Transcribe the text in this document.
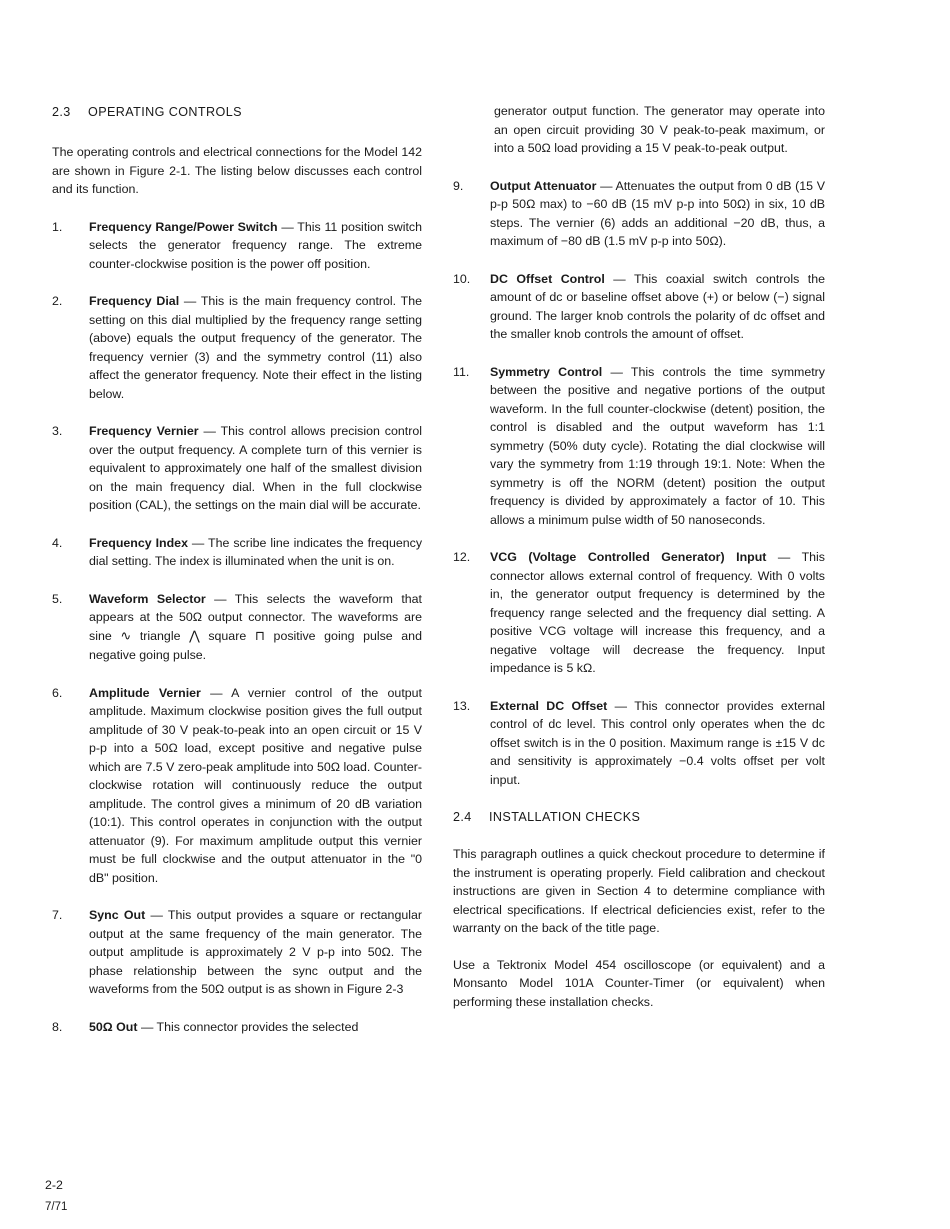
2.3 OPERATING CONTROLS

The operating controls and electrical connections for the Model 142 are shown in Figure 2-1. The listing below discusses each control and its function.

1. Frequency Range/Power Switch — This 11 position switch selects the generator frequency range. The extreme counter-clockwise position is the power off position.

2. Frequency Dial — This is the main frequency control. The setting on this dial multiplied by the frequency range setting (above) equals the output frequency of the generator. The frequency vernier (3) and the symmetry control (11) also affect the generator frequency. Note their effect in the listing below.

3. Frequency Vernier — This control allows precision control over the output frequency. A complete turn of this vernier is equivalent to approximately one half of the smallest division on the main frequency dial. When in the full clockwise position (CAL), the settings on the main dial will be accurate.

4. Frequency Index — The scribe line indicates the frequency dial setting. The index is illuminated when the unit is on.

5. Waveform Selector — This selects the waveform that appears at the 50Ω output connector. The waveforms are sine ∿ triangle ⋀ square ⊓ positive going pulse and negative going pulse.

6. Amplitude Vernier — A vernier control of the output amplitude. Maximum clockwise position gives the full output amplitude of 30 V peak-to-peak into an open circuit or 15 V p-p into a 50Ω load, except positive and negative pulse which are 7.5 V zero-peak amplitude into 50Ω load. Counter-clockwise rotation will continuously reduce the output amplitude. The control gives a minimum of 20 dB variation (10:1). This control operates in conjunction with the output attenuator (9). For maximum amplitude output this vernier must be full clockwise and the output attenuator in the "0 dB" position.

7. Sync Out — This output provides a square or rectangular output at the same frequency of the main generator. The output amplitude is approximately 2 V p-p into 50Ω. The phase relationship between the sync output and the waveforms from the 50Ω output is as shown in Figure 2-3

8. 50Ω Out — This connector provides the selected

generator output function. The generator may operate into an open circuit providing 30 V peak-to-peak maximum, or into a 50Ω load providing a 15 V peak-to-peak output.

9. Output Attenuator — Attenuates the output from 0 dB (15 V p-p 50Ω max) to −60 dB (15 mV p-p into 50Ω) in six, 10 dB steps. The vernier (6) adds an additional −20 dB, thus, a maximum of −80 dB (1.5 mV p-p into 50Ω).

10. DC Offset Control — This coaxial switch controls the amount of dc or baseline offset above (+) or below (−) signal ground. The larger knob controls the polarity of dc offset and the smaller knob controls the amount of offset.

11. Symmetry Control — This controls the time symmetry between the positive and negative portions of the output waveform. In the full counter-clockwise (detent) position, the control is disabled and the output waveform has 1:1 symmetry (50% duty cycle). Rotating the dial clockwise will vary the symmetry from 1:19 through 19:1. Note: When the symmetry is off the NORM (detent) position the output frequency is divided by approximately a factor of 10. This allows a minimum pulse width of 50 nanoseconds.

12. VCG (Voltage Controlled Generator) Input — This connector allows external control of frequency. With 0 volts in, the generator output frequency is determined by the frequency range selected and the frequency dial setting. A positive VCG voltage will increase this frequency, and a negative voltage will decrease the frequency. Input impedance is 5 kΩ.

13. External DC Offset — This connector provides external control of dc level. This control only operates when the dc offset switch is in the 0 position. Maximum range is ±15 V dc and sensitivity is approximately −0.4 volts offset per volt input.

2.4 INSTALLATION CHECKS

This paragraph outlines a quick checkout procedure to determine if the instrument is operating properly. Field calibration and checkout instructions are given in Section 4 to determine compliance with electrical specifications. If electrical deficiencies exist, refer to the warranty on the back of the title page.

Use a Tektronix Model 454 oscilloscope (or equivalent) and a Monsanto Model 101A Counter-Timer (or equivalent) when performing these installation checks.

2-2
7/71
